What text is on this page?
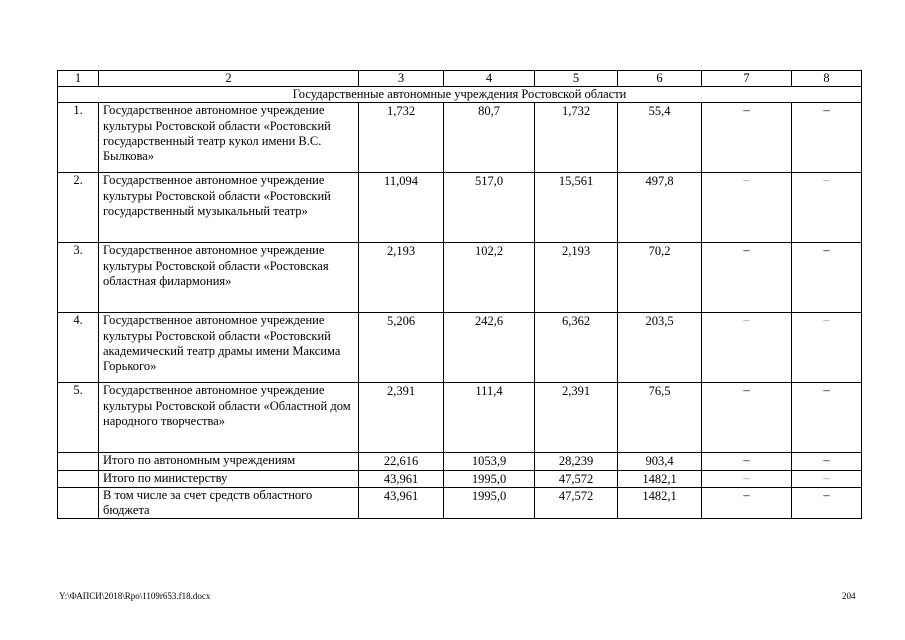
1	2	3	4	5	6	7	8
Государственные автономные учреждения Ростовской области							
1.	Государственное автономное учреждение культуры Ростовской области «Ростовский государственный театр кукол имени В.С. Былкова»	1,732	80,7	1,732	55,4	–	–
2.	Государственное автономное учреждение культуры Ростовской области «Ростовский государственный музыкальный театр»	11,094	517,0	15,561	497,8	–	–
3.	Государственное автономное учреждение культуры Ростовской области «Ростовская областная филармония»	2,193	102,2	2,193	70,2	–	–
4.	Государственное автономное учреждение культуры Ростовской области «Ростовский академический театр драмы имени Максима Горького»	5,206	242,6	6,362	203,5	–	–
5.	Государственное автономное учреждение культуры Ростовской области «Областной дом народного творчества»	2,391	111,4	2,391	76,5	–	–
	Итого по автономным учреждениям	22,616	1053,9	28,239	903,4	–	–
	Итого по министерству	43,961	1995,0	47,572	1482,1	–	–
	В том числе за счет средств областного бюджета	43,961	1995,0	47,572	1482,1	–	–
Y:\ФАПСИ\2018\Rpo\1109r653.f18.docx	204
